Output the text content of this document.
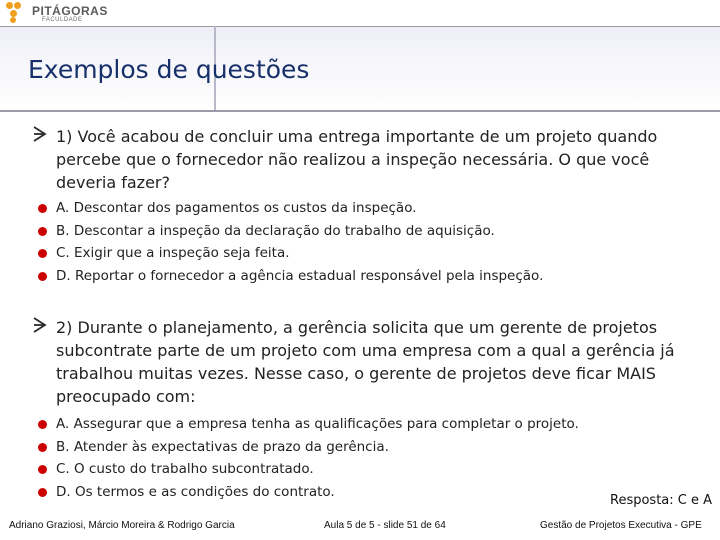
PITÁGORAS
FACULDADE
Exemplos de questões
1) Você acabou de concluir uma entrega importante de um projeto quando percebe que o fornecedor não realizou a inspeção necessária. O que você deveria fazer?
A. Descontar dos pagamentos os custos da inspeção.
B. Descontar a inspeção da declaração do trabalho de aquisição.
C. Exigir que a inspeção seja feita.
D. Reportar o fornecedor a agência estadual responsável pela inspeção.
2) Durante o planejamento, a gerência solicita que um gerente de projetos subcontrate parte de um projeto com uma empresa com a qual a gerência já trabalhou muitas vezes. Nesse caso, o gerente de projetos deve ficar MAIS preocupado com:
A. Assegurar que a empresa tenha as qualificações para completar o projeto.
B. Atender às expectativas de prazo da gerência.
C. O custo do trabalho subcontratado.
D. Os termos e as condições do contrato.
Resposta: C e A
Adriano Graziosi, Márcio Moreira & Rodrigo Garcia	Aula 5 de 5 - slide 51 de 64	Gestão de Projetos Executiva - GPE
